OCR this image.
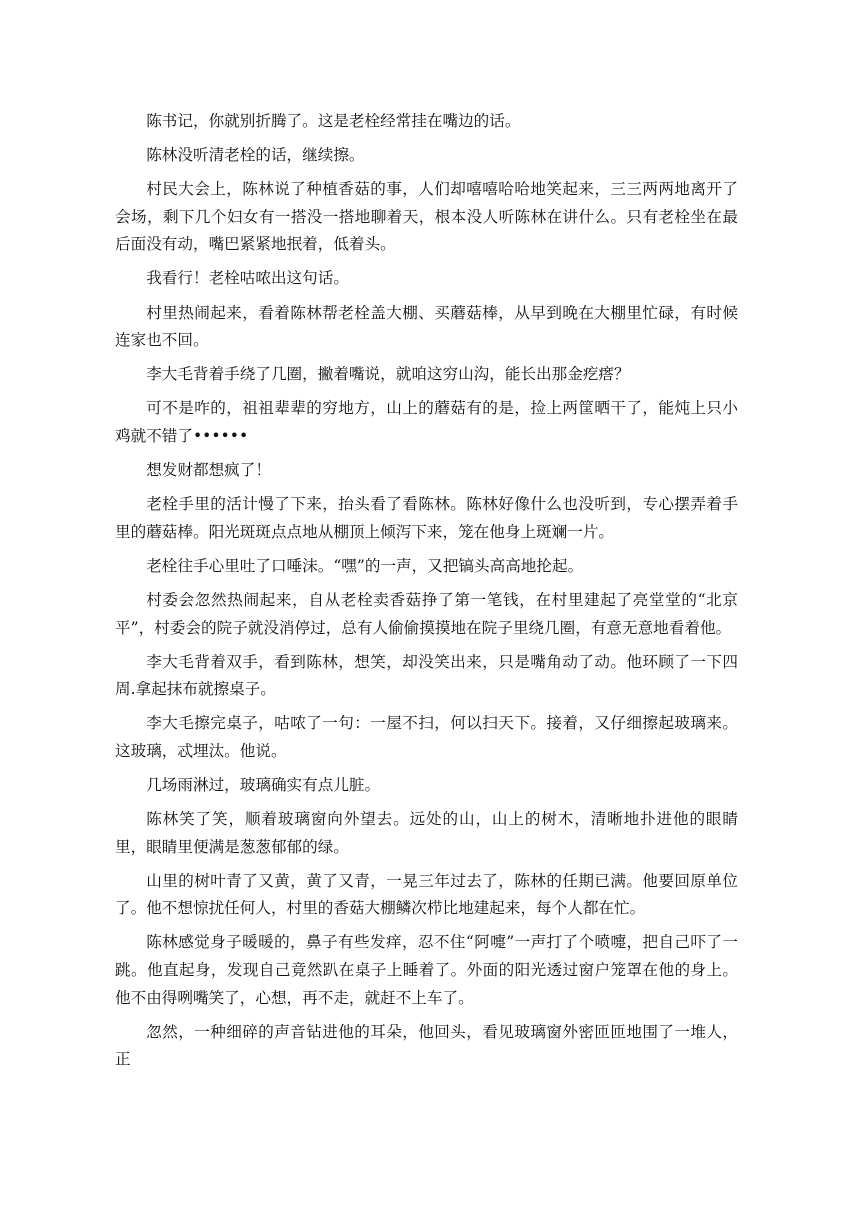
陈书记，你就别折腾了。这是老栓经常挂在嘴边的话。

陈林没听清老栓的话，继续擦。

村民大会上，陈林说了种植香菇的事，人们却嘻嘻哈哈地笑起来，三三两两地离开了会场，剩下几个妇女有一搭没一搭地聊着天，根本没人听陈林在讲什么。只有老栓坐在最后面没有动，嘴巴紧紧地抿着，低着头。

我看行！老栓咕哝出这句话。

村里热闹起来，看着陈林帮老栓盖大棚、买蘑菇棒，从早到晚在大棚里忙碌，有时候连家也不回。

李大毛背着手绕了几圈，撇着嘴说，就咱这穷山沟，能长出那金疙瘩？

可不是咋的，祖祖辈辈的穷地方，山上的蘑菇有的是，捡上两筐晒干了，能炖上只小鸡就不错了••••••

想发财都想疯了！

老栓手里的活计慢了下来，抬头看了看陈林。陈林好像什么也没听到，专心摆弄着手里的蘑菇棒。阳光斑斑点点地从棚顶上倾泻下来，笼在他身上斑斓一片。

老栓往手心里吐了口唾沫。“嘿”的一声，又把镐头高高地抡起。

村委会忽然热闹起来，自从老栓卖香菇挣了第一笔钱，在村里建起了亮堂堂的“北京平”，村委会的院子就没消停过，总有人偷偷摸摸地在院子里绕几圈，有意无意地看着他。

李大毛背着双手，看到陈林，想笑，却没笑出来，只是嘴角动了动。他环顾了一下四周.拿起抹布就擦桌子。

李大毛擦完桌子，咕哝了一句：一屋不扫，何以扫天下。接着，又仔细擦起玻璃来。这玻璃，忒埋汰。他说。

几场雨淋过，玻璃确实有点儿脏。

陈林笑了笑，顺着玻璃窗向外望去。远处的山，山上的树木，清晰地扑进他的眼睛里，眼睛里便满是葱葱郁郁的绿。

山里的树叶青了又黄，黄了又青，一晃三年过去了，陈林的任期已满。他要回原单位了。他不想惊扰任何人，村里的香菇大棚鳞次栉比地建起来，每个人都在忙。

陈林感觉身子暖暖的，鼻子有些发痒，忍不住“阿嚏”一声打了个喷嚏，把自己吓了一跳。他直起身，发现自己竟然趴在桌子上睡着了。外面的阳光透过窗户笼罩在他的身上。他不由得咧嘴笑了，心想，再不走，就赶不上车了。

忽然，一种细碎的声音钻进他的耳朵，他回头，看见玻璃窗外密匝匝地围了一堆人，正
